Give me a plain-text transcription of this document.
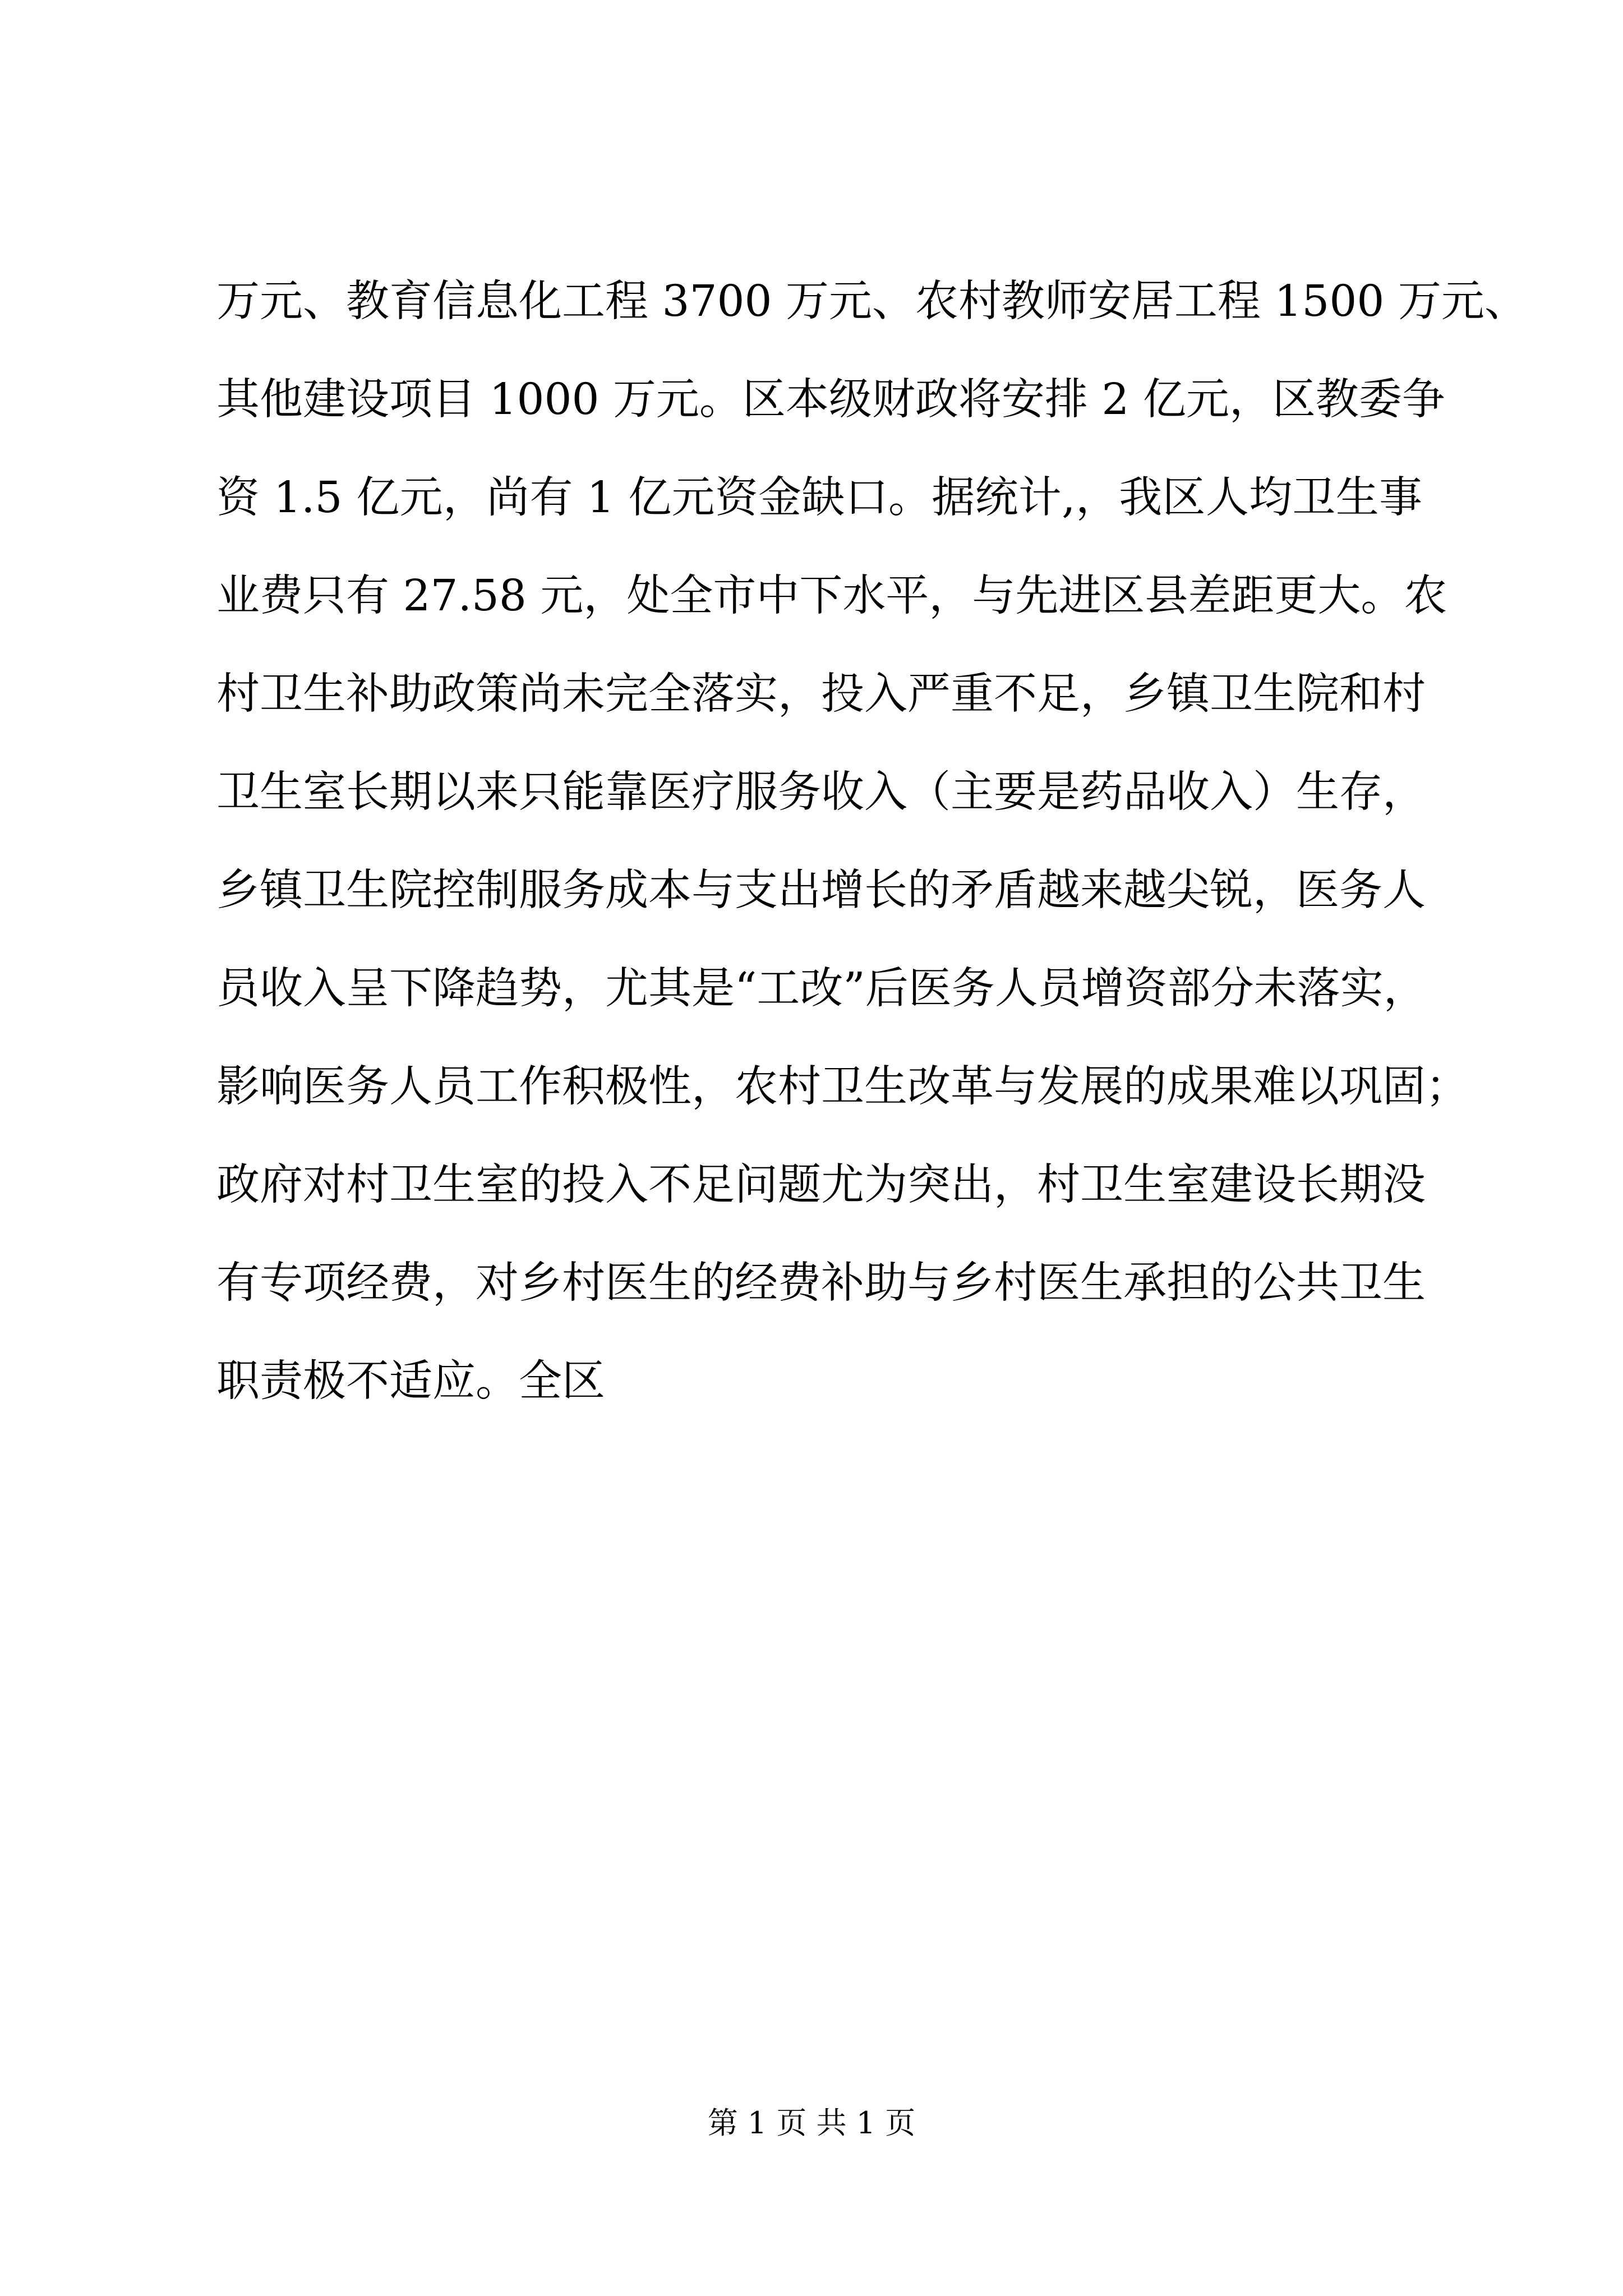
万元、教育信息化工程 3700 万元、农村教师安居工程 1500 万元、
其他建设项目 1000 万元。区本级财政将安排 2 亿元，区教委争
资 1.5 亿元，尚有 1 亿元资金缺口。据统计,，我区人均卫生事
业费只有 27.58 元，处全市中下水平，与先进区县差距更大。农
村卫生补助政策尚未完全落实，投入严重不足，乡镇卫生院和村
卫生室长期以来只能靠医疗服务收入（主要是药品收入）生存，
乡镇卫生院控制服务成本与支出增长的矛盾越来越尖锐，医务人
员收入呈下降趋势，尤其是“工改”后医务人员增资部分未落实，
影响医务人员工作积极性，农村卫生改革与发展的成果难以巩固；
政府对村卫生室的投入不足问题尤为突出，村卫生室建设长期没
有专项经费，对乡村医生的经费补助与乡村医生承担的公共卫生
职责极不适应。全区
第 1 页 共 1 页
